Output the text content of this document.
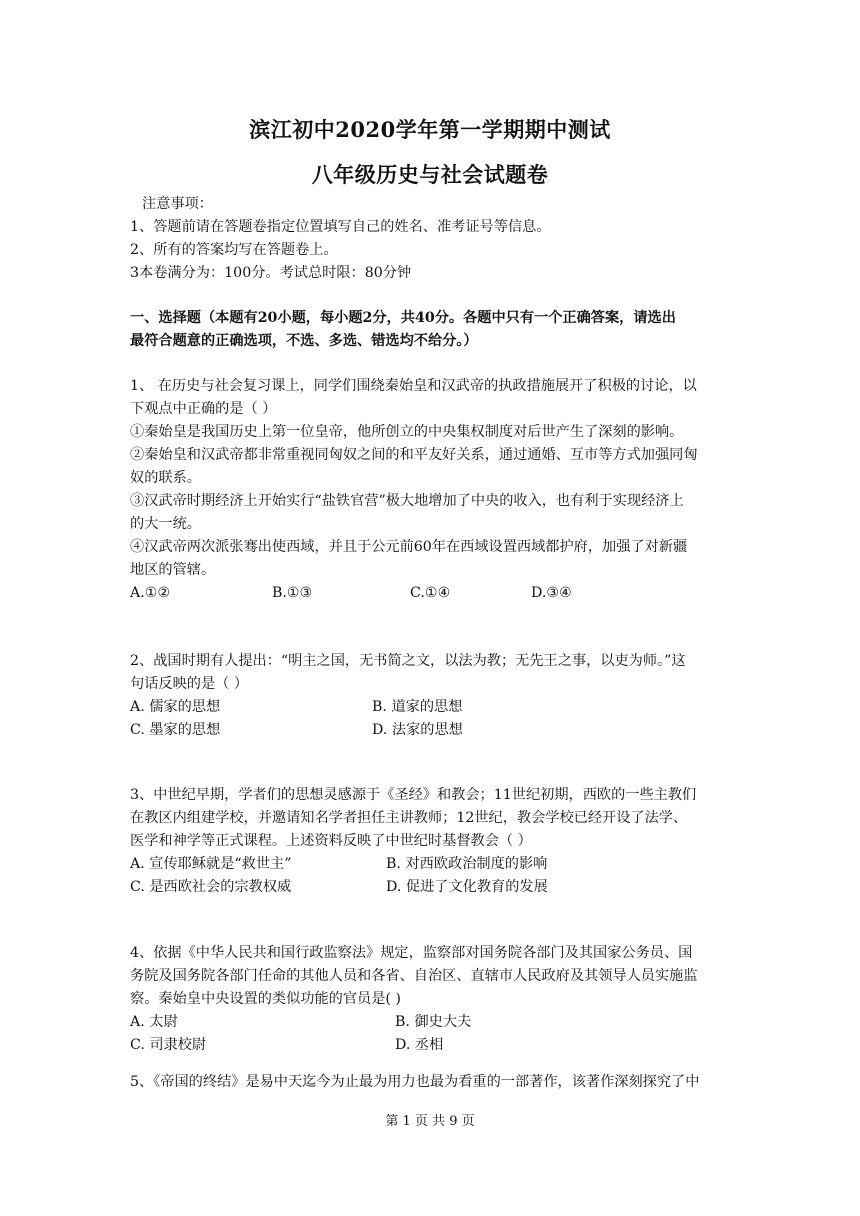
滨江初中2020学年第一学期期中测试
八年级历史与社会试题卷
注意事项：
1、答题前请在答题卷指定位置填写自己的姓名、准考证号等信息。
2、所有的答案均写在答题卷上。
3本卷满分为：100分。考试总时限：80分钟
一、选择题（本题有20小题，每小题2分，共40分。各题中只有一个正确答案，请选出
最符合题意的正确选项，不选、多选、错选均不给分。）
1、 在历史与社会复习课上，同学们围绕秦始皇和汉武帝的执政措施展开了积极的讨论，以
下观点中正确的是（ ）
①秦始皇是我国历史上第一位皇帝，他所创立的中央集权制度对后世产生了深刻的影响。
②秦始皇和汉武帝都非常重视同匈奴之间的和平友好关系，通过通婚、互市等方式加强同匈
奴的联系。
③汉武帝时期经济上开始实行“盐铁官营”极大地增加了中央的收入，也有利于实现经济上
的大一统。
④汉武帝两次派张骞出使西域，并且于公元前60年在西域设置西域都护府，加强了对新疆
地区的管辖。
A.①②	B.①③	C.①④	D.③④
2、战国时期有人提出：“明主之国，无书简之文，以法为教；无先王之事，以吏为师。”这
句话反映的是（ ）
A. 儒家的思想	B. 道家的思想
C. 墨家的思想	D. 法家的思想
3、中世纪早期，学者们的思想灵感源于《圣经》和教会；11世纪初期，西欧的一些主教们
在教区内组建学校，并邀请知名学者担任主讲教师；12世纪，教会学校已经开设了法学、
医学和神学等正式课程。上述资料反映了中世纪时基督教会（ ）
A. 宣传耶稣就是“救世主”	B. 对西欧政治制度的影响
C. 是西欧社会的宗教权威	D. 促进了文化教育的发展
4、依据《中华人民共和国行政监察法》规定，监察部对国务院各部门及其国家公务员、国
务院及国务院各部门任命的其他人员和各省、自治区、直辖市人民政府及其领导人员实施监
察。秦始皇中央设置的类似功能的官员是( )
A. 太尉	B. 御史大夫
C. 司隶校尉	D. 丞相
5、《帝国的终结》是易中天迄今为止最为用力也最为看重的一部著作，该著作深刻探究了中
第 1 页 共 9 页
